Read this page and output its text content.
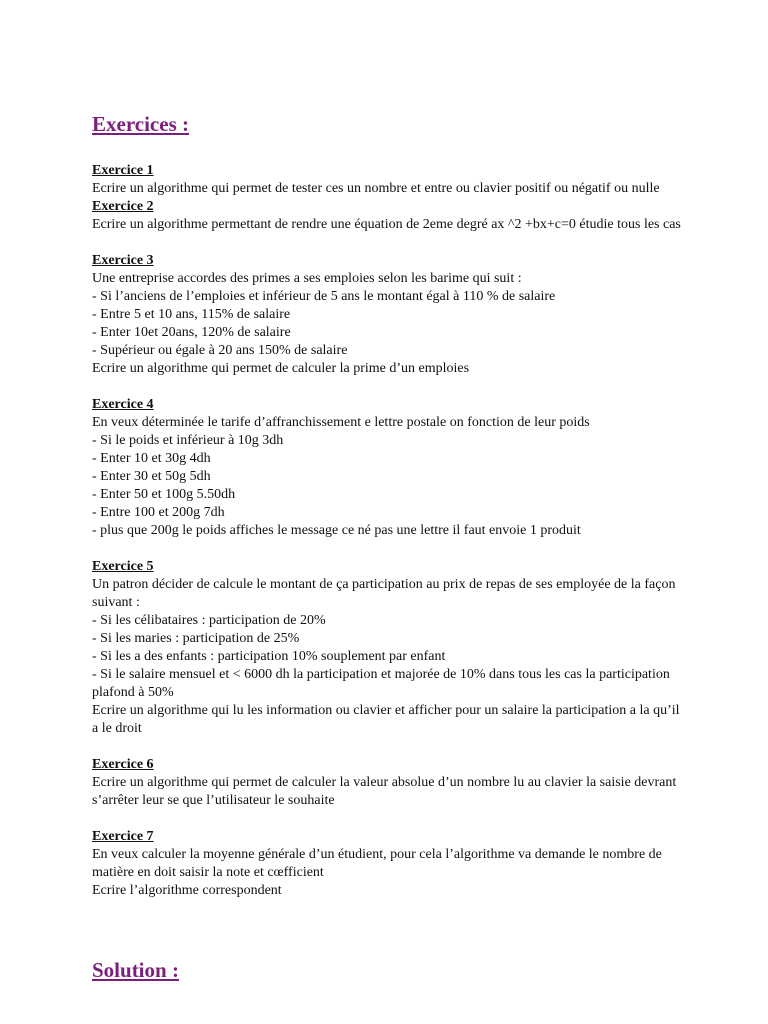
Exercices :
Exercice 1
Ecrire un algorithme qui permet de tester ces un nombre et entre ou clavier positif ou négatif ou nulle
Exercice 2
Ecrire un algorithme permettant de rendre une équation de 2eme degré ax ^2 +bx+c=0 étudie tous les cas
Exercice 3
Une entreprise accordes des primes a ses emploies selon les barime qui suit :
- Si l’anciens de l’emploies et inférieur de 5 ans le montant égal à 110 % de salaire
- Entre 5 et 10 ans, 115% de salaire
- Enter 10et 20ans, 120% de salaire
- Supérieur ou égale à 20 ans 150% de salaire
Ecrire un algorithme qui permet de calculer la prime d’un emploies
Exercice 4
En veux déterminée le tarife d’affranchissement e lettre postale on fonction de leur poids
- Si le poids et inférieur à 10g 3dh
- Enter 10 et 30g 4dh
- Enter 30 et 50g 5dh
- Enter 50 et 100g 5.50dh
- Entre 100 et 200g 7dh
- plus que 200g le poids affiches le message ce né pas une lettre il faut envoie 1 produit
Exercice 5
Un patron décider de calcule le montant de ça participation au prix de repas de ses employée de la façon suivant :
- Si les célibataires : participation de 20%
- Si les maries : participation de 25%
- Si les a des enfants : participation 10% souplement par enfant
- Si le salaire mensuel et < 6000 dh la participation et majorée de 10% dans tous les cas la participation plafond à 50%
Ecrire un algorithme qui lu les information ou clavier et afficher pour un salaire la participation a la qu’il a le droit
Exercice 6
Ecrire un algorithme qui permet de calculer la valeur absolue d’un nombre lu au clavier la saisie devrant s’arrêter leur se que l’utilisateur le souhaite
Exercice 7
En veux calculer la moyenne générale d’un étudient, pour cela l’algorithme va demande le nombre de matière en doit saisir la note et cœfficient
Ecrire l’algorithme correspondent
Solution :
